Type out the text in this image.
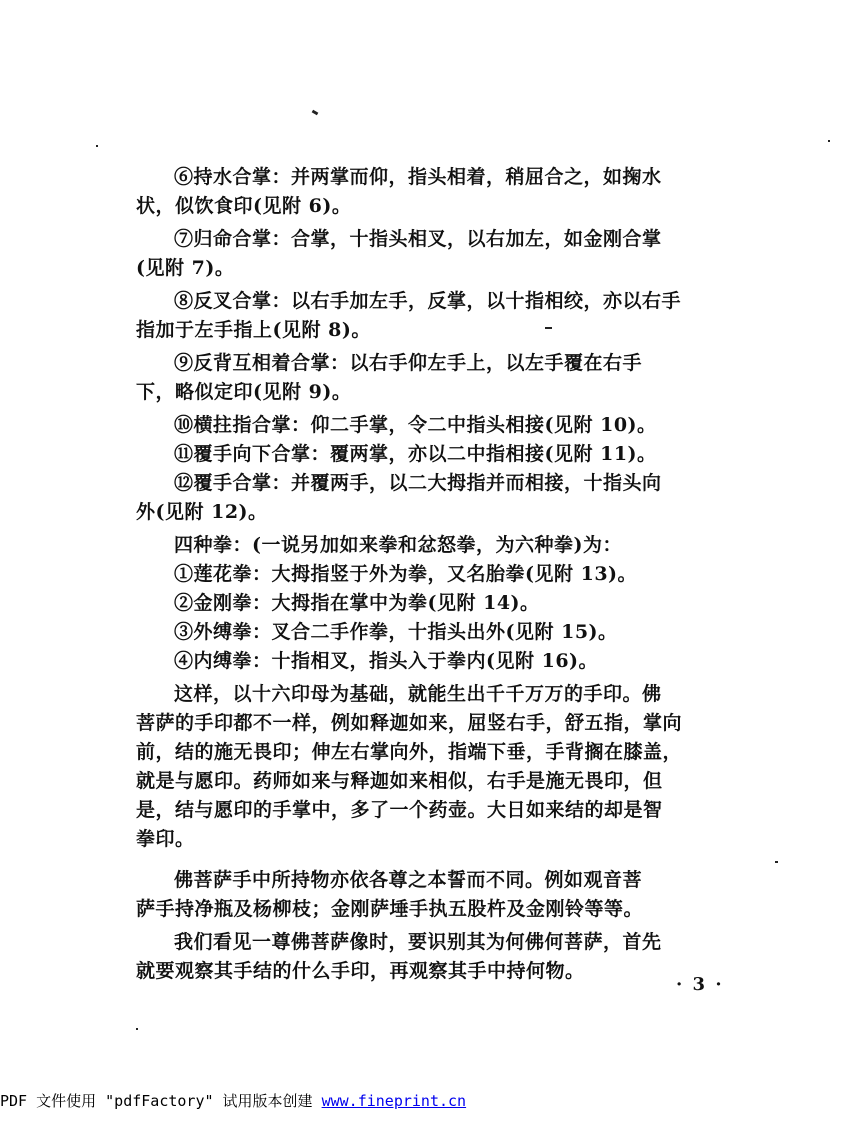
⑥持水合掌：并两掌而仰，指头相着，稍屈合之，如掬水
状，似饮食印(见附 6)。
⑦归命合掌：合掌，十指头相叉，以右加左，如金刚合掌
(见附 7)。
⑧反叉合掌：以右手加左手，反掌，以十指相绞，亦以右手
指加于左手指上(见附 8)。
⑨反背互相着合掌：以右手仰左手上，以左手覆在右手
下，略似定印(见附 9)。
⑩横拄指合掌：仰二手掌，令二中指头相接(见附 10)。
⑪覆手向下合掌：覆两掌，亦以二中指相接(见附 11)。
⑫覆手合掌：并覆两手，以二大拇指并而相接，十指头向
外(见附 12)。
四种拳：(一说另加如来拳和忿怒拳，为六种拳)为：
①莲花拳：大拇指竖于外为拳，又名胎拳(见附 13)。
②金刚拳：大拇指在掌中为拳(见附 14)。
③外缚拳：叉合二手作拳，十指头出外(见附 15)。
④内缚拳：十指相叉，指头入于拳内(见附 16)。
这样，以十六印母为基础，就能生出千千万万的手印。佛
菩萨的手印都不一样，例如释迦如来，屈竖右手，舒五指，掌向
前，结的施无畏印；伸左右掌向外，指端下垂，手背搁在膝盖，
就是与愿印。药师如来与释迦如来相似，右手是施无畏印，但
是，结与愿印的手掌中，多了一个药壶。大日如来结的却是智
拳印。
佛菩萨手中所持物亦依各尊之本誓而不同。例如观音菩
萨手持净瓶及杨柳枝；金刚萨埵手执五股杵及金刚铃等等。
我们看见一尊佛菩萨像时，要识别其为何佛何菩萨，首先
就要观察其手结的什么手印，再观察其手中持何物。
· 3 ·
PDF 文件使用 "pdfFactory" 试用版本创建 www.fineprint.cn
